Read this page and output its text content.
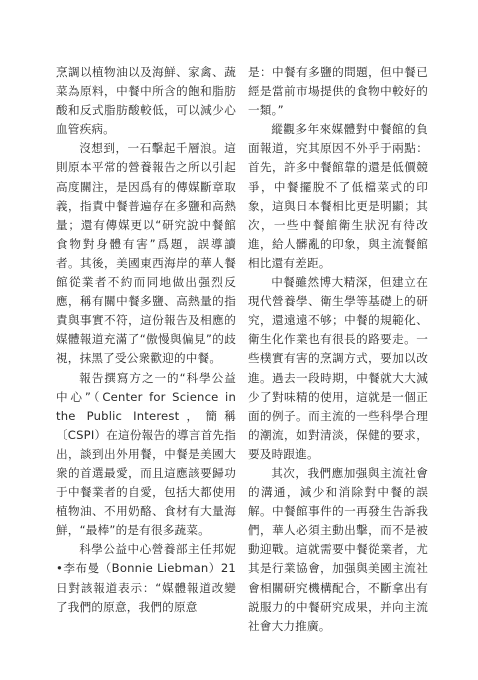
烹調以植物油以及海鮮、家禽、蔬菜為原料，中餐中所含的飽和脂肪酸和反式脂肪酸較低，可以減少心血管疾病。

沒想到，一石擊起千層浪。這則原本平常的營養報告之所以引起高度關注，是因爲有的傳媒斷章取義，指責中餐普遍存在多鹽和高熱量；還有傳媒更以“研究說中餐館食物對身體有害”爲題，誤導讀者。其後，美國東西海岸的華人餐館從業者不約而同地做出强烈反應，稱有關中餐多鹽、高熱量的指責與事實不符，這份報告及相應的媒體報道充滿了“傲慢與偏見”的歧視，抹黑了受公衆歡迎的中餐。

報告撰寫方之一的“科學公益中心”（Center for Science in the Public Interest，簡稱〔CSPI）在這份報告的導言首先指出，談到出外用餐，中餐是美國大衆的首選最愛，而且這應該要歸功于中餐業者的自愛，包括大都使用植物油、不用奶酪、食材有大量海鮮，“最棒”的是有很多蔬菜。

科學公益中心營養部主任邦妮•李布曼（Bonnie Liebman）21日對該報道表示：“媒體報道改變了我們的原意，我們的原意

是：中餐有多鹽的問題，但中餐已經是當前市場提供的食物中較好的一類。”

縱觀多年來媒體對中餐館的負面報道，究其原因不外乎于兩點：首先，許多中餐館靠的還是低價競爭，中餐擺脫不了低檔菜式的印象，這與日本餐相比更是明顯；其次，一些中餐館衛生狀況有待改進，給人髒亂的印象，與主流餐館相比還有差距。

中餐雖然博大精深，但建立在現代營養學、衛生學等基礎上的研究，還遠遠不够；中餐的規範化、衛生化作業也有很長的路要走。一些樸實有害的烹調方式，要加以改進。過去一段時期，中餐就大大減少了對味精的使用，這就是一個正面的例子。而主流的一些科學合理的潮流，如對清淡，保健的要求，要及時跟進。

其次，我們應加强與主流社會的溝通，減少和消除對中餐的誤解。中餐館事件的一再發生告訴我們，華人必須主動出擊，而不是被動迎戰。這就需要中餐從業者，尤其是行業協會，加强與美國主流社會相關研究機構配合，不斷拿出有説服力的中餐研究成果，并向主流社會大力推廣。
